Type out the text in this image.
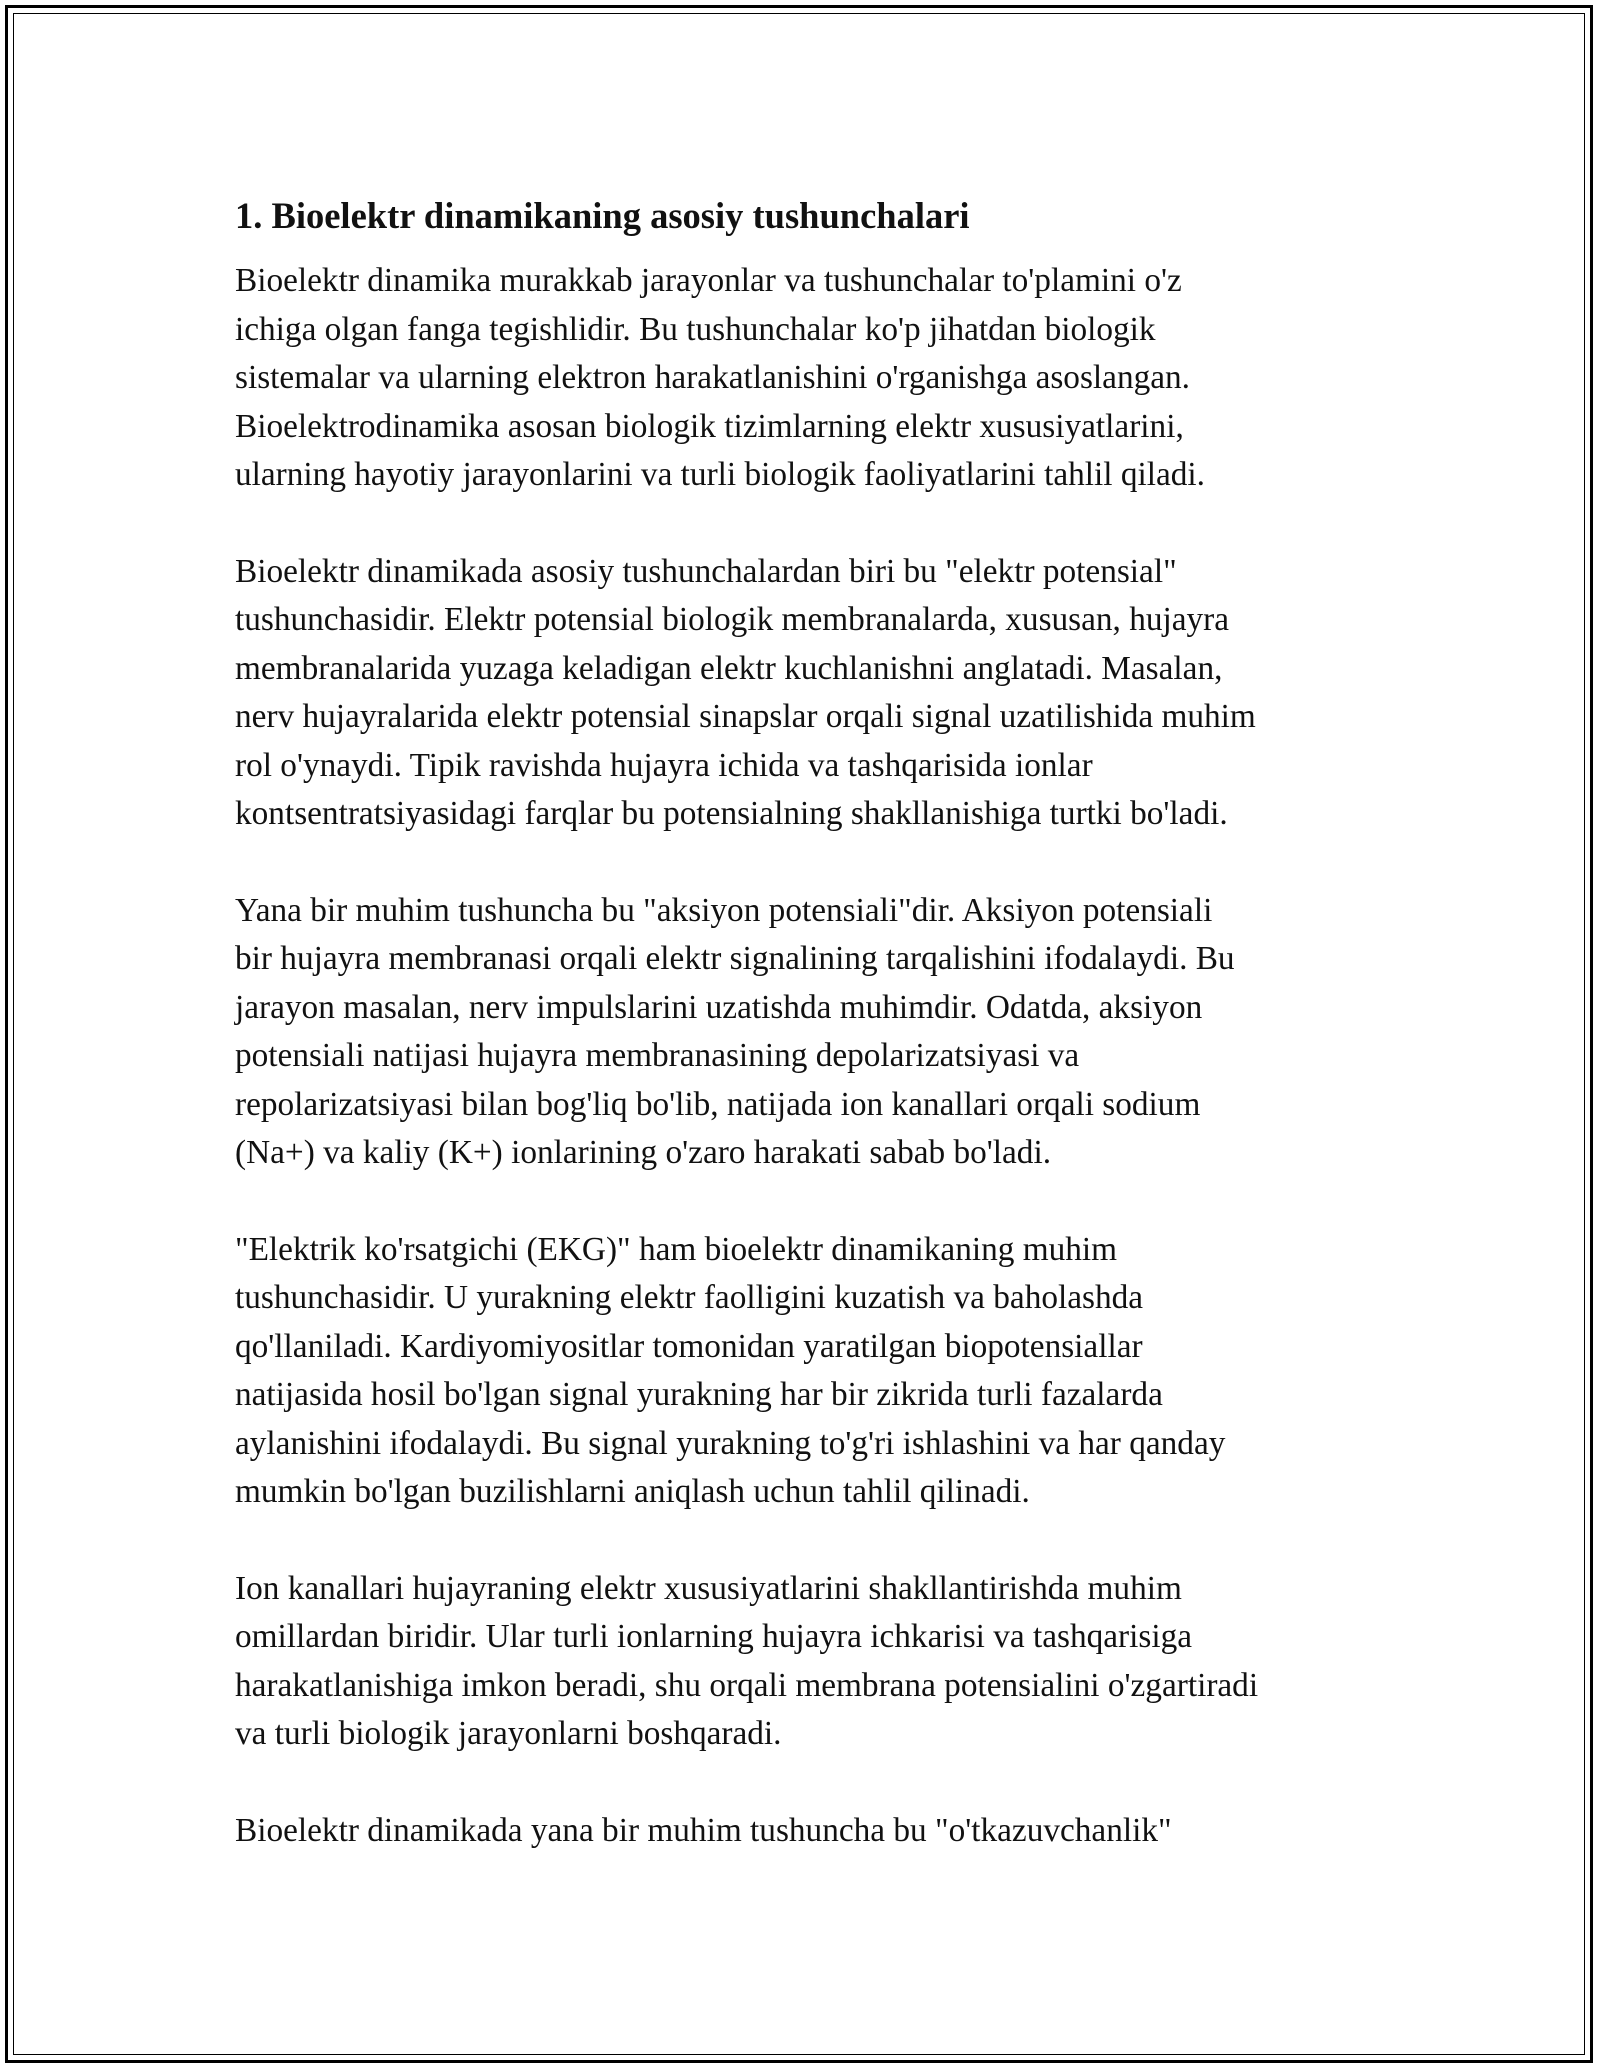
1. Bioelektr dinamikaning asosiy tushunchalari

Bioelektr dinamika murakkab jarayonlar va tushunchalar to'plamini o'z
ichiga olgan fanga tegishlidir. Bu tushunchalar ko'p jihatdan biologik
sistemalar va ularning elektron harakatlanishini o'rganishga asoslangan.
Bioelektrodinamika asosan biologik tizimlarning elektr xususiyatlarini,
ularning hayotiy jarayonlarini va turli biologik faoliyatlarini tahlil qiladi.

Bioelektr dinamikada asosiy tushunchalardan biri bu "elektr potensial"
tushunchasidir. Elektr potensial biologik membranalarda, xususan, hujayra
membranalarida yuzaga keladigan elektr kuchlanishni anglatadi. Masalan,
nerv hujayralarida elektr potensial sinapslar orqali signal uzatilishida muhim
rol o'ynaydi. Tipik ravishda hujayra ichida va tashqarisida ionlar
kontsentratsiyasidagi farqlar bu potensialning shakllanishiga turtki bo'ladi.

Yana bir muhim tushuncha bu "aksiyon potensiali"dir. Aksiyon potensiali
bir hujayra membranasi orqali elektr signalining tarqalishini ifodalaydi. Bu
jarayon masalan, nerv impulslarini uzatishda muhimdir. Odatda, aksiyon
potensiali natijasi hujayra membranasining depolarizatsiyasi va
repolarizatsiyasi bilan bog'liq bo'lib, natijada ion kanallari orqali sodium
(Na+) va kaliy (K+) ionlarining o'zaro harakati sabab bo'ladi.

"Elektrik ko'rsatgichi (EKG)" ham bioelektr dinamikaning muhim
tushunchasidir. U yurakning elektr faolligini kuzatish va baholashda
qo'llaniladi. Kardiyomiyositlar tomonidan yaratilgan biopotensiallar
natijasida hosil bo'lgan signal yurakning har bir zikrida turli fazalarda
aylanishini ifodalaydi. Bu signal yurakning to'g'ri ishlashini va har qanday
mumkin bo'lgan buzilishlarni aniqlash uchun tahlil qilinadi.

Ion kanallari hujayraning elektr xususiyatlarini shakllantirishda muhim
omillardan biridir. Ular turli ionlarning hujayra ichkarisi va tashqarisiga
harakatlanishiga imkon beradi, shu orqali membrana potensialini o'zgartiradi
va turli biologik jarayonlarni boshqaradi.

Bioelektr dinamikada yana bir muhim tushuncha bu "o'tkazuvchanlik"
